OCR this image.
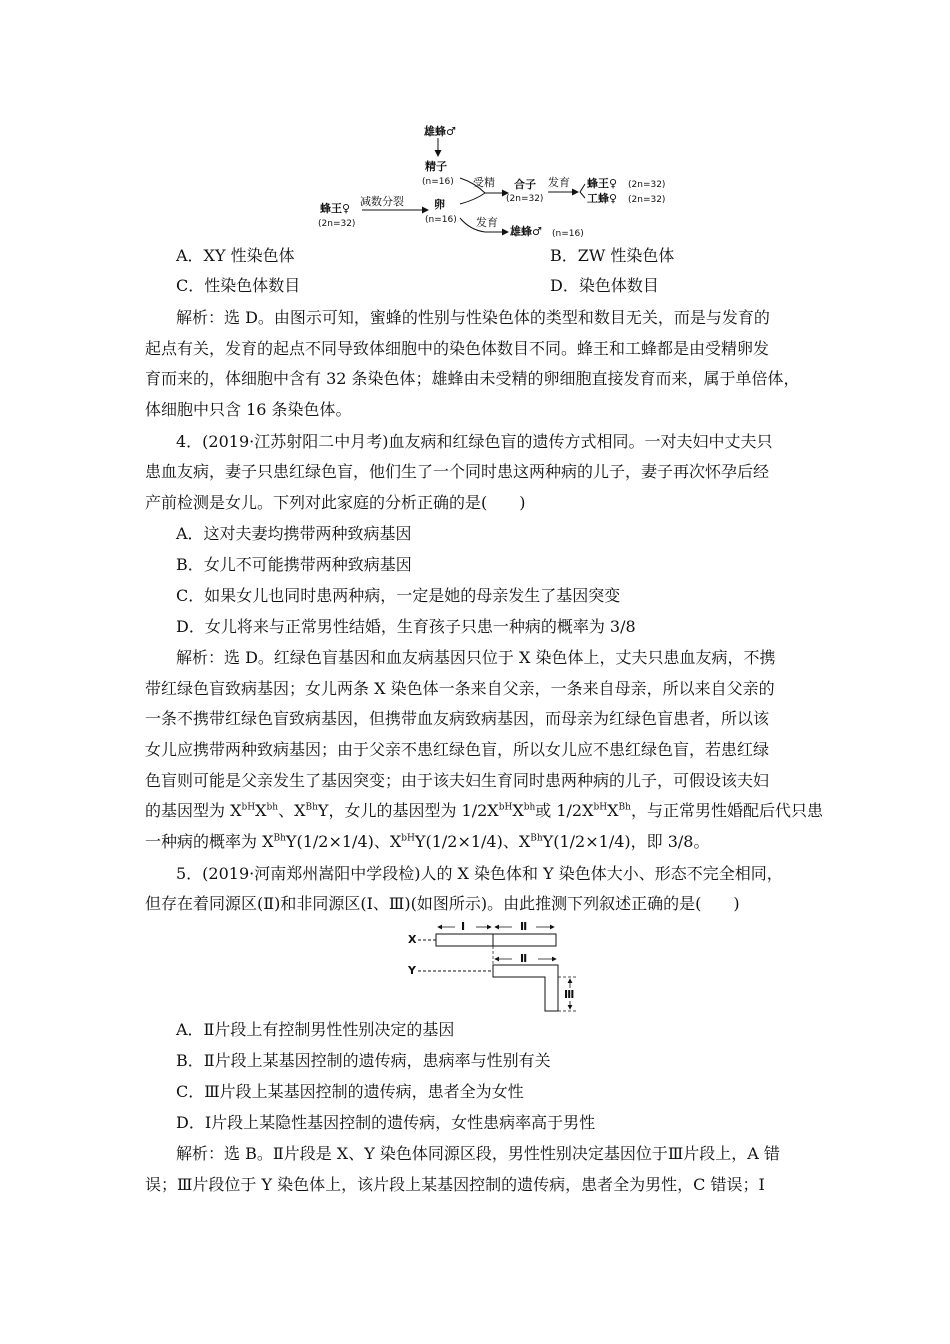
雄蜂♂
精子
(n=16)
蜂王♀
(2n=32)
减数分裂	卵
(n=16)
受精 合子
(2n=32)
发育 蜂王♀ (2n=32)
工蜂♀ (2n=32)
发育
雄蜂♂ (n=16)
A．XY 性染色体	B．ZW 性染色体
C．性染色体数目	D．染色体数目
解析：选 D。由图示可知，蜜蜂的性别与性染色体的类型和数目无关，而是与发育的
起点有关，发育的起点不同导致体细胞中的染色体数目不同。蜂王和工蜂都是由受精卵发
育而来的，体细胞中含有 32 条染色体；雄蜂由未受精的卵细胞直接发育而来，属于单倍体，
体细胞中只含 16 条染色体。
4．(2019·江苏射阳二中月考)血友病和红绿色盲的遗传方式相同。一对夫妇中丈夫只
患血友病，妻子只患红绿色盲，他们生了一个同时患这两种病的儿子，妻子再次怀孕后经
产前检测是女儿。下列对此家庭的分析正确的是(　　)
A．这对夫妻均携带两种致病基因
B．女儿不可能携带两种致病基因
C．如果女儿也同时患两种病，一定是她的母亲发生了基因突变
D．女儿将来与正常男性结婚，生育孩子只患一种病的概率为 3/8
解析：选 D。红绿色盲基因和血友病基因只位于 X 染色体上，丈夫只患血友病，不携
带红绿色盲致病基因；女儿两条 X 染色体一条来自父亲，一条来自母亲，所以来自父亲的
一条不携带红绿色盲致病基因，但携带血友病致病基因，而母亲为红绿色盲患者，所以该
女儿应携带两种致病基因；由于父亲不患红绿色盲，所以女儿应不患红绿色盲，若患红绿
色盲则可能是父亲发生了基因突变；由于该夫妇生育同时患两种病的儿子，可假设该夫妇
的基因型为 $X^{bH}X^{bh}$、$X^{Bh}Y$，女儿的基因型为 $1/2X^{bH}X^{bh}$或 $1/2X^{bH}X^{Bh}$，与正常男性婚配后代只患
一种病的概率为 $X^{Bh}Y(1/2\times 1/4)$、$X^{bH}Y(1/2\times 1/4)$、$X^{Bh}Y(1/2\times 1/4)$，即 3/8。
5．(2019·河南郑州嵩阳中学段检)人的 X 染色体和 Y 染色体大小、形态不完全相同，
但存在着同源区(Ⅱ)和非同源区(Ⅰ、Ⅲ)(如图所示)。由此推测下列叙述正确的是(　　)
X
Y
Ⅰ	Ⅱ
Ⅱ
Ⅲ
A．Ⅱ片段上有控制男性性别决定的基因
B．Ⅱ片段上某基因控制的遗传病，患病率与性别有关
C．Ⅲ片段上某基因控制的遗传病，患者全为女性
D．Ⅰ片段上某隐性基因控制的遗传病，女性患病率高于男性
解析：选 B。Ⅱ片段是 X、Y 染色体同源区段，男性性别决定基因位于Ⅲ片段上，A 错
误；Ⅲ片段位于 Y 染色体上，该片段上某基因控制的遗传病，患者全为男性，C 错误；Ⅰ
